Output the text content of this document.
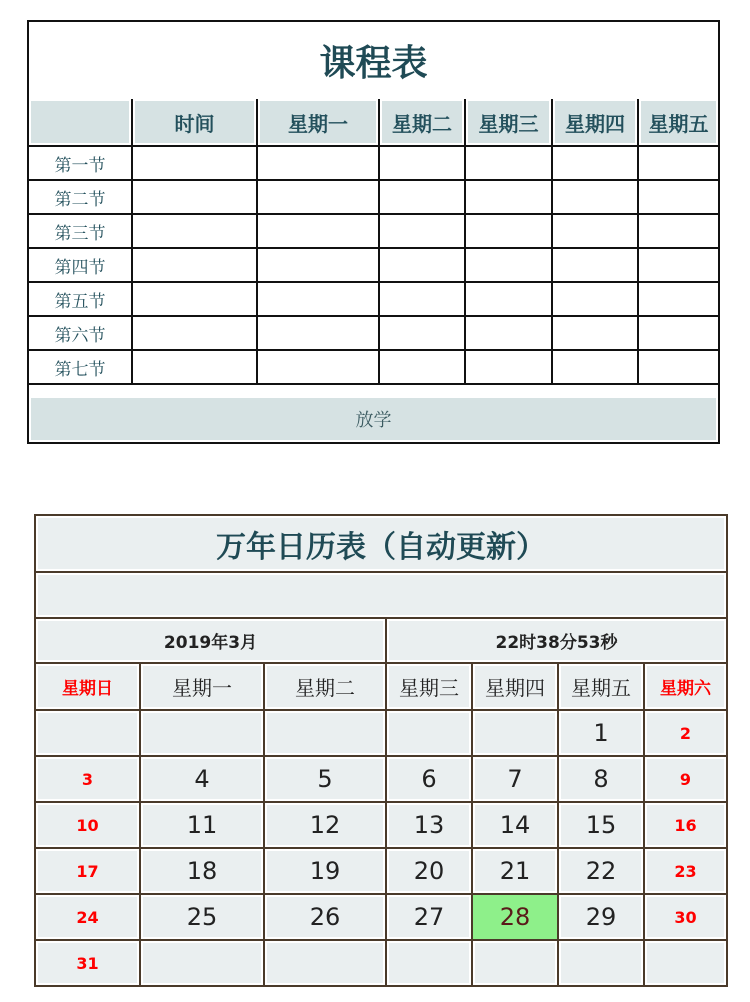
课程表
	时间	星期一	星期二	星期三	星期四	星期五
第一节						
第二节						
第三节						
第四节						
第五节						
第六节						
第七节						
放学
万年日历表（自动更新）						

2019年3月			22时38分53秒			
星期日	星期一	星期二	星期三	星期四	星期五	星期六
					1	2
3	4	5	6	7	8	9
10	11	12	13	14	15	16
17	18	19	20	21	22	23
24	25	26	27	28	29	30
31						
